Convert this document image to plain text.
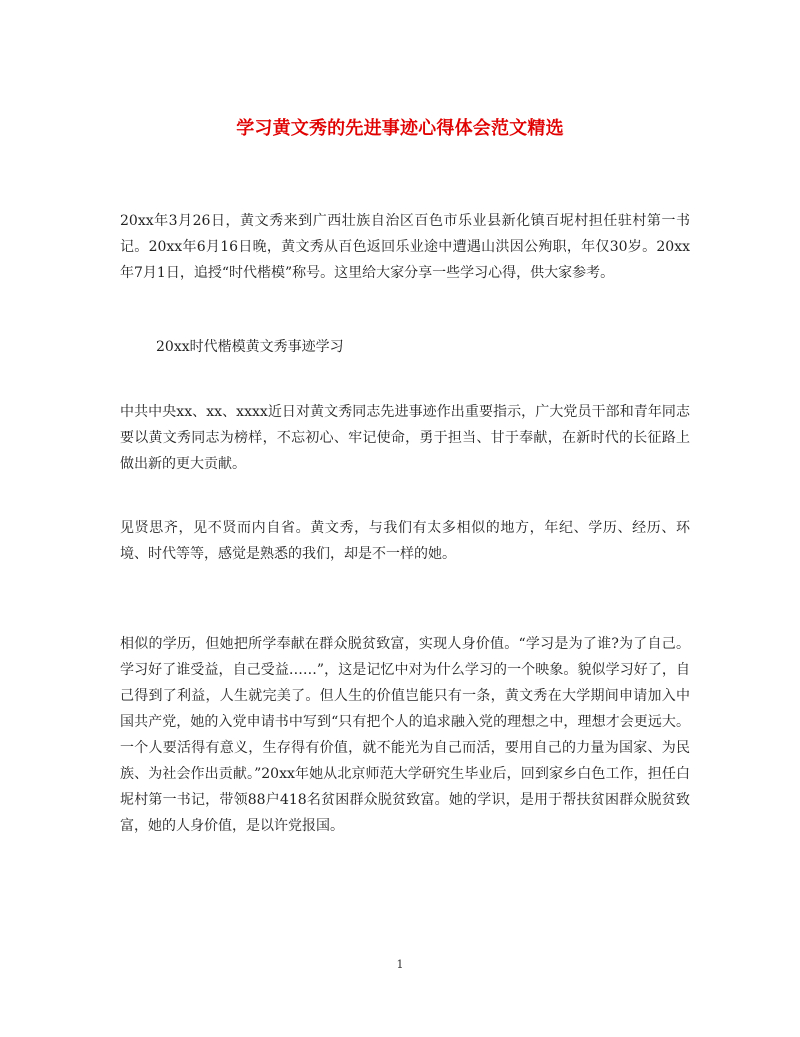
学习黄文秀的先进事迹心得体会范文精选

20xx年3月26日，黄文秀来到广西壮族自治区百色市乐业县新化镇百坭村担任驻村第一书记。20xx年6月16日晚，黄文秀从百色返回乐业途中遭遇山洪因公殉职，年仅30岁。20xx年7月1日，追授“时代楷模”称号。这里给大家分享一些学习心得，供大家参考。

20xx时代楷模黄文秀事迹学习

中共中央xx、xx、xxxx近日对黄文秀同志先进事迹作出重要指示，广大党员干部和青年同志要以黄文秀同志为榜样，不忘初心、牢记使命，勇于担当、甘于奉献，在新时代的长征路上做出新的更大贡献。

见贤思齐，见不贤而内自省。黄文秀，与我们有太多相似的地方，年纪、学历、经历、环境、时代等等，感觉是熟悉的我们，却是不一样的她。

相似的学历，但她把所学奉献在群众脱贫致富，实现人身价值。“学习是为了谁?为了自己。学习好了谁受益，自己受益……”，这是记忆中对为什么学习的一个映象。貌似学习好了，自己得到了利益，人生就完美了。但人生的价值岂能只有一条，黄文秀在大学期间申请加入中国共产党，她的入党申请书中写到“只有把个人的追求融入党的理想之中，理想才会更远大。一个人要活得有意义，生存得有价值，就不能光为自己而活，要用自己的力量为国家、为民族、为社会作出贡献。”20xx年她从北京师范大学研究生毕业后，回到家乡白色工作，担任白坭村第一书记，带领88户418名贫困群众脱贫致富。她的学识，是用于帮扶贫困群众脱贫致富，她的人身价值，是以许党报国。

1
